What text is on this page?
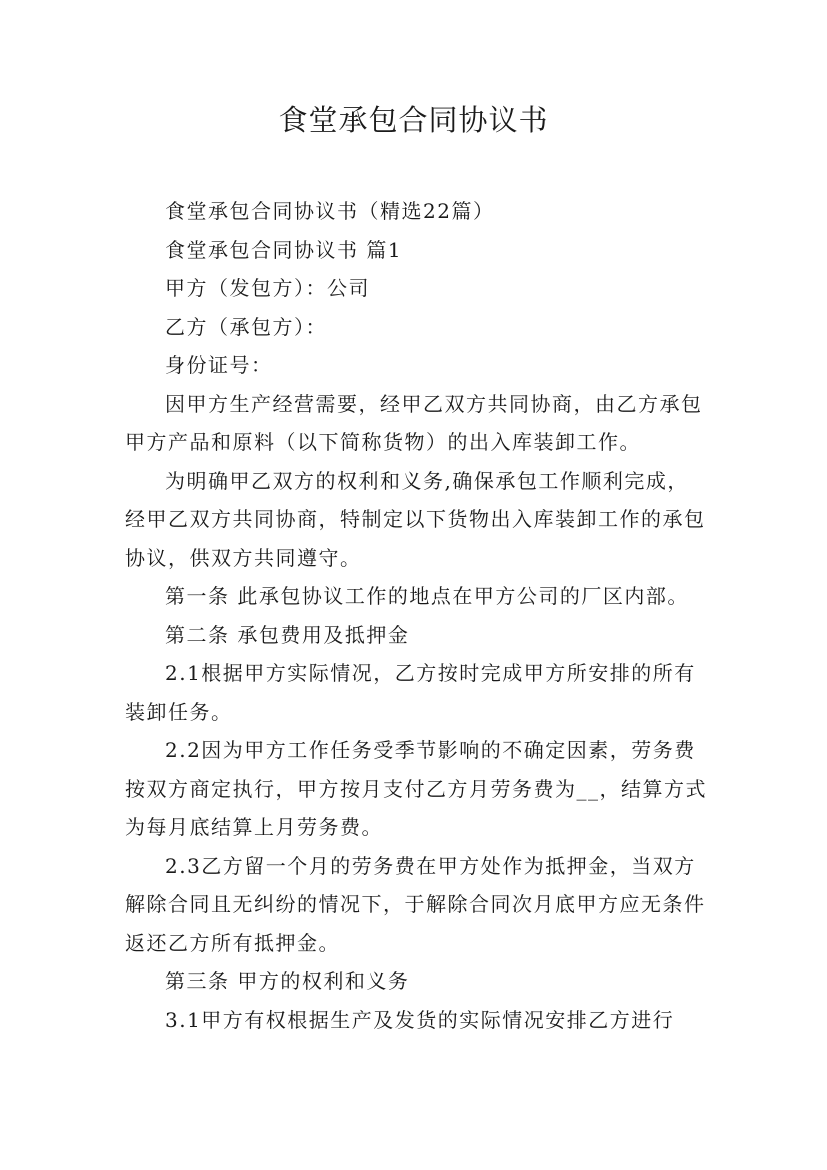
食堂承包合同协议书

食堂承包合同协议书（精选22篇）

食堂承包合同协议书 篇1

甲方（发包方）：公司

乙方（承包方）：

身份证号：

因甲方生产经营需要，经甲乙双方共同协商，由乙方承包甲方产品和原料（以下简称货物）的出入库装卸工作。

为明确甲乙双方的权利和义务,确保承包工作顺利完成，经甲乙双方共同协商，特制定以下货物出入库装卸工作的承包协议，供双方共同遵守。

第一条 此承包协议工作的地点在甲方公司的厂区内部。

第二条 承包费用及抵押金

2.1根据甲方实际情况，乙方按时完成甲方所安排的所有装卸任务。

2.2因为甲方工作任务受季节影响的不确定因素，劳务费按双方商定执行，甲方按月支付乙方月劳务费为__，结算方式为每月底结算上月劳务费。

2.3乙方留一个月的劳务费在甲方处作为抵押金，当双方解除合同且无纠纷的情况下，于解除合同次月底甲方应无条件返还乙方所有抵押金。

第三条 甲方的权利和义务

3.1甲方有权根据生产及发货的实际情况安排乙方进行
